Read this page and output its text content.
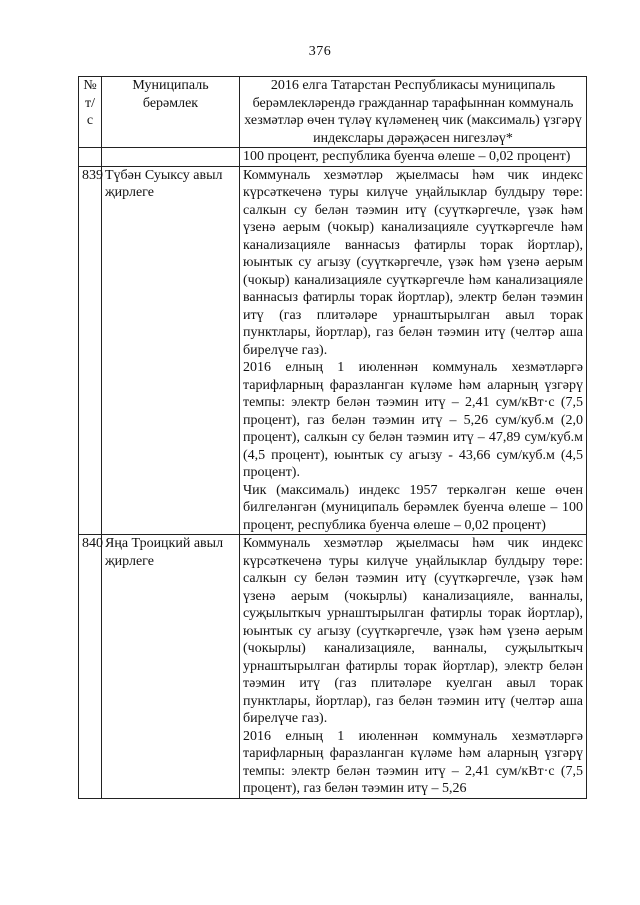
376
№ т/с	Муниципаль берәмлек	2016 елга Татарстан Республикасы муниципаль берәмлекләрендә гражданнар тарафыннан коммуналь хезмәтләр өчен түләү күләменең чик (максималь) үзгәрү индекслары дәрәҗәсен нигезләү*
		100 процент, республика буенча өлеше – 0,02 процент)
839	Түбән Суыксу авыл җирлеге	Коммуналь хезмәтләр җыелмасы һәм чик индекс күрсәткеченә туры килүче уңайлыклар булдыру төре: салкын су белән тәэмин итү (суүткәргечле, үзәк һәм үзенә аерым (чокыр) канализацияле суүткәргечле һәм канализацияле ваннасыз фатирлы торак йортлар), юынтык су агызу (суүткәргечле, үзәк һәм үзенә аерым (чокыр) канализацияле суүткәргечле һәм канализацияле ваннасыз фатирлы торак йортлар), электр белән тәэмин итү (газ плитәләре урнаштырылган авыл торак пунктлары, йортлар), газ белән тәэмин итү (челтәр аша бирелүче газ).

2016 елның 1 июленнән коммуналь хезмәтләргә тарифларның фаразланган күләме һәм аларның үзгәрү темпы: электр белән тәэмин итү – 2,41 сум/кВт·с (7,5 процент), газ белән тәэмин итү – 5,26 сум/куб.м (2,0 процент), салкын су белән тәэмин итү – 47,89 сум/куб.м (4,5 процент), юынтык су агызу - 43,66 сум/куб.м (4,5 процент).

Чик (максималь) индекс 1957 теркәлгән кеше өчен билгеләнгән (муниципаль берәмлек буенча өлеше – 100 процент, республика буенча өлеше – 0,02 процент)

840	Яңа Троицкий авыл җирлеге	Коммуналь хезмәтләр җыелмасы һәм чик индекс күрсәткеченә туры килүче уңайлыклар булдыру төре: салкын су белән тәэмин итү (суүткәргечле, үзәк һәм үзенә аерым (чокырлы) канализацияле, ванналы, суҗылыткыч урнаштырылган фатирлы торак йортлар), юынтык су агызу (суүткәргечле, үзәк һәм үзенә аерым (чокырлы) канализацияле, ванналы, суҗылыткыч урнаштырылган фатирлы торак йортлар), электр белән тәэмин итү (газ плитәләре куелган авыл торак пунктлары, йортлар), газ белән тәэмин итү (челтәр аша бирелүче газ).

2016 елның 1 июленнән коммуналь хезмәтләргә тарифларның фаразланган күләме һәм аларның үзгәрү темпы: электр белән тәэмин итү – 2,41 сум/кВт·с (7,5 процент), газ белән тәэмин итү – 5,26
